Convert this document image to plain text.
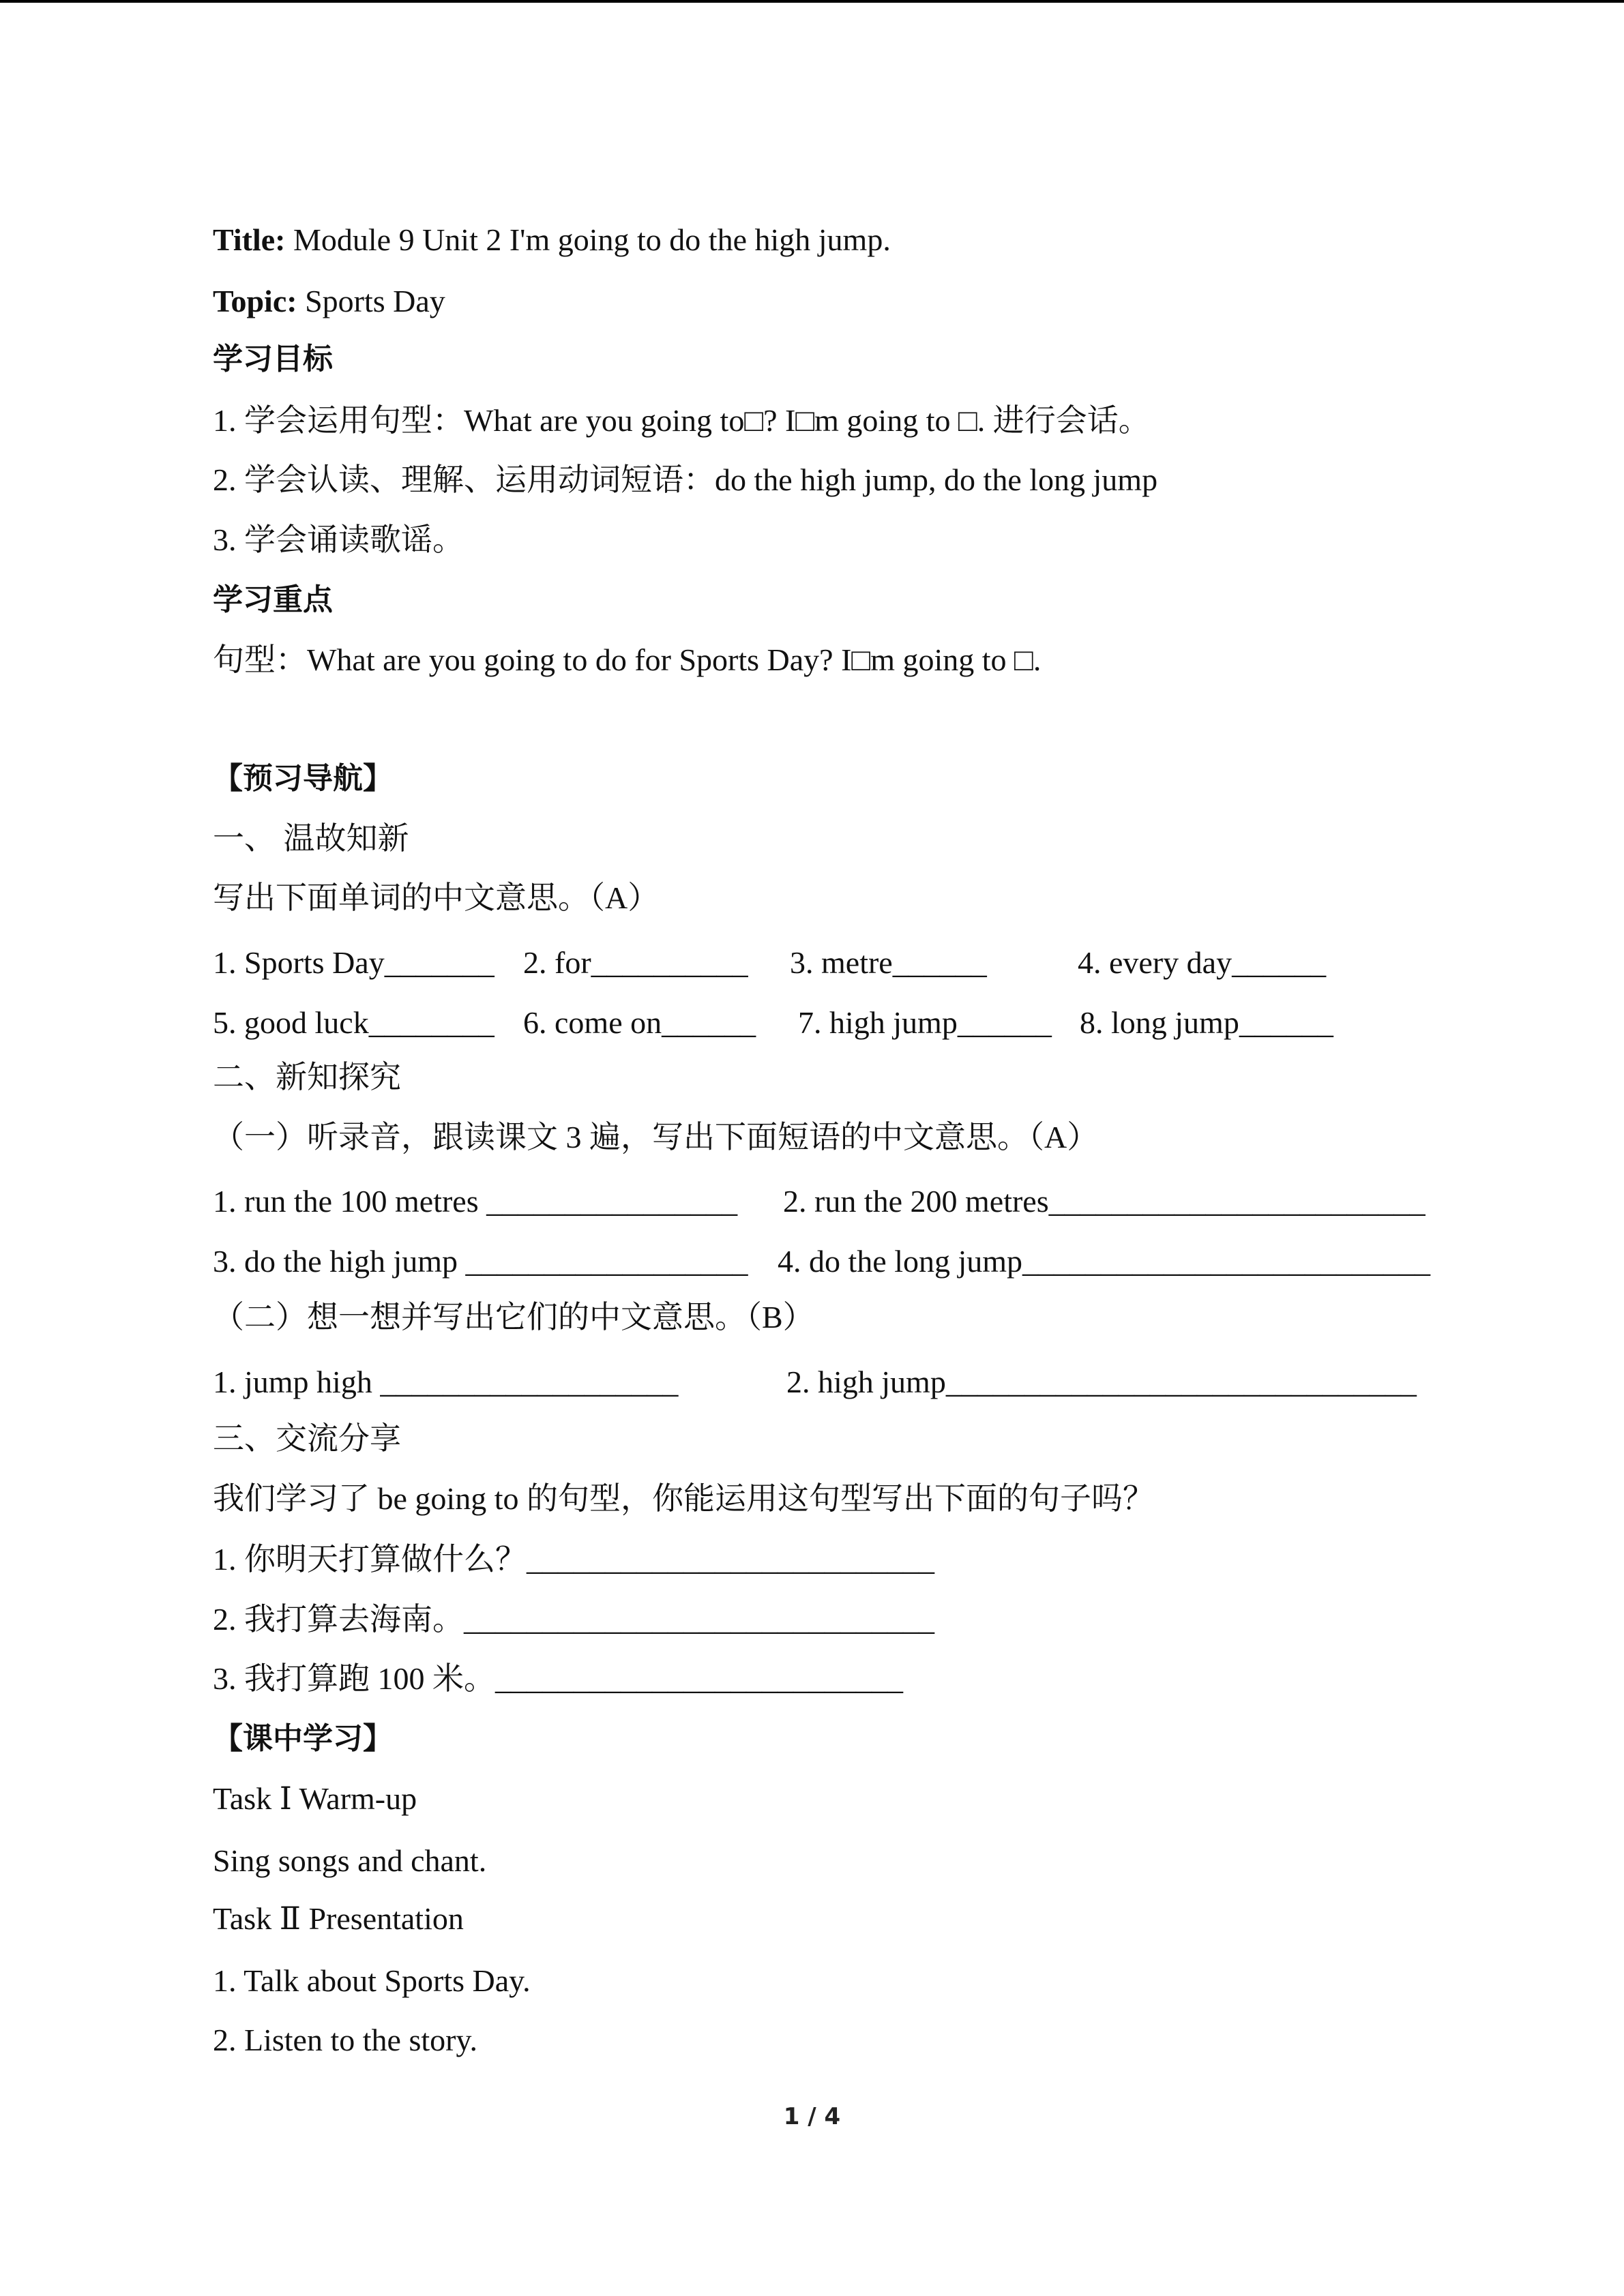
Title: Module 9 Unit 2 I'm going to do the high jump.
Topic: Sports Day
学习目标
1. 学会运用句型：What are you going to□? I□m going to □. 进行会话。
2. 学会认读、理解、运用动词短语：do the high jump, do the long jump
3. 学会诵读歌谣。
学习重点
句型：What are you going to do for Sports Day? I□m going to □.
【预习导航】
一、 温故知新
写出下面单词的中文意思。（A）
1. Sports Day_______ 2. for__________ 3. metre______	4. every day______
5. good luck________ 6. come on______ 7. high jump______ 8. long jump______
二、新知探究
（一）听录音，跟读课文 3 遍，写出下面短语的中文意思。（A）
1. run the 100 metres ________________ 2. run the 200 metres________________________
3. do the high jump __________________ 4. do the long jump__________________________
（二）想一想并写出它们的中文意思。（B）
1. jump high ___________________	2. high jump______________________________
三、交流分享
我们学习了 be going to 的句型，你能运用这句型写出下面的句子吗？
1. 你明天打算做什么？__________________________
2. 我打算去海南。______________________________
3. 我打算跑 100 米。__________________________
【课中学习】
Task Ⅰ Warm-up
Sing songs and chant.
Task Ⅱ Presentation
1. Talk about Sports Day.
2. Listen to the story.
1 / 4
